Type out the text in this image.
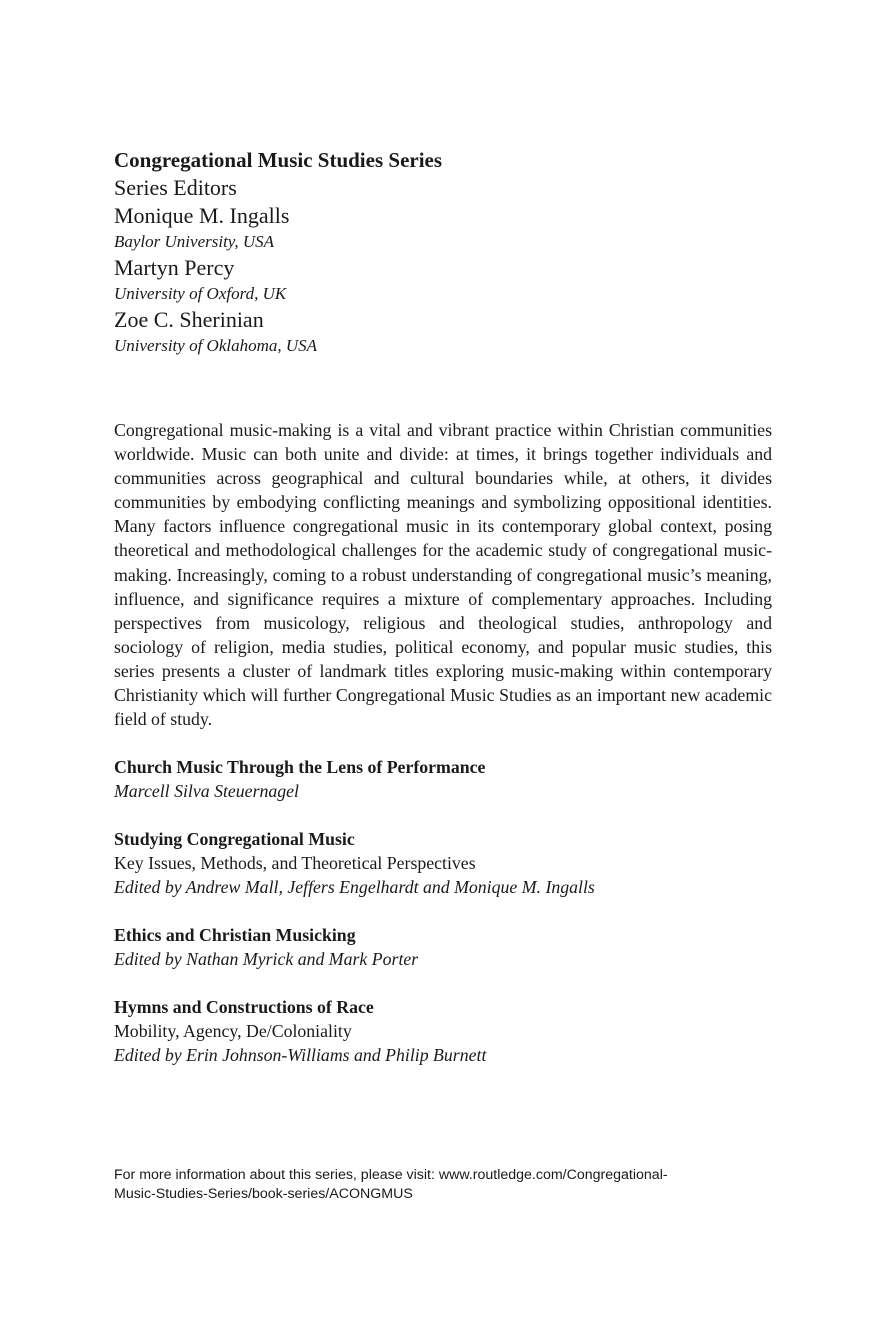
Congregational Music Studies Series

Series Editors

Monique M. Ingalls

Baylor University, USA

Martyn Percy

University of Oxford, UK

Zoe C. Sherinian

University of Oklahoma, USA

Congregational music-making is a vital and vibrant practice within Christian communities worldwide. Music can both unite and divide: at times, it brings together individuals and communities across geographical and cultural boundaries while, at others, it divides communities by embodying conflicting meanings and symbolizing oppositional identities. Many factors influence congregational music in its contemporary global context, posing theoretical and methodological challenges for the academic study of congregational music-making. Increasingly, coming to a robust understanding of congregational music’s meaning, influence, and significance requires a mixture of complementary approaches. Including perspectives from musicology, religious and theological studies, anthropology and sociology of religion, media studies, political economy, and popular music studies, this series presents a cluster of landmark titles exploring music-making within contemporary Christianity which will further Congregational Music Studies as an important new academic field of study.
Church Music Through the Lens of Performance
Marcell Silva Steuernagel
Studying Congregational Music
Key Issues, Methods, and Theoretical Perspectives
Edited by Andrew Mall, Jeffers Engelhardt and Monique M. Ingalls
Ethics and Christian Musicking
Edited by Nathan Myrick and Mark Porter
Hymns and Constructions of Race
Mobility, Agency, De/Coloniality
Edited by Erin Johnson-Williams and Philip Burnett
For more information about this series, please visit: www.routledge.com/Congregational-
Music-Studies-Series/book-series/ACONGMUS
